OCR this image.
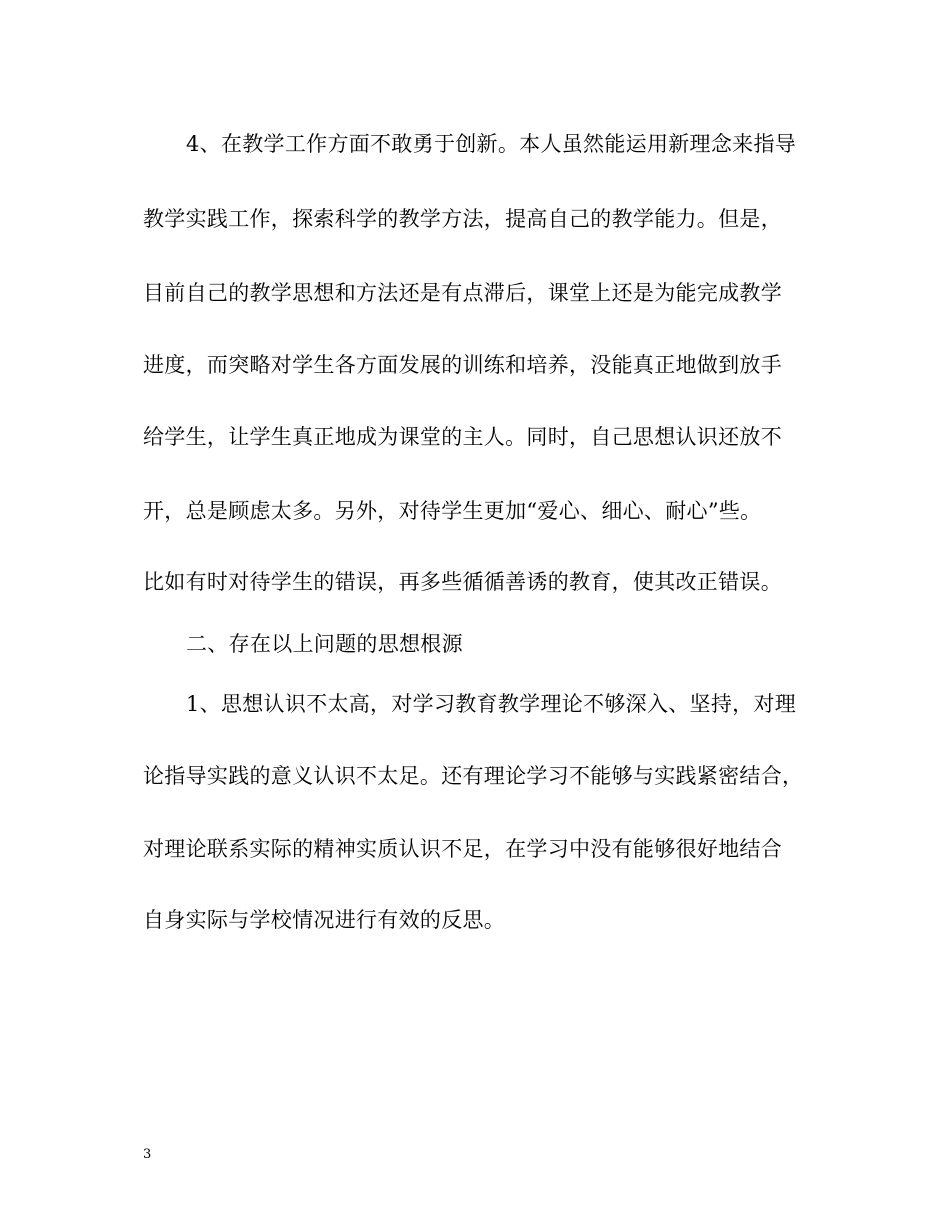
4、在教学工作方面不敢勇于创新。本人虽然能运用新理念来指导
教学实践工作，探索科学的教学方法，提高自己的教学能力。但是，
目前自己的教学思想和方法还是有点滞后，课堂上还是为能完成教学
进度，而突略对学生各方面发展的训练和培养，没能真正地做到放手
给学生，让学生真正地成为课堂的主人。同时，自己思想认识还放不
开，总是顾虑太多。另外，对待学生更加“爱心、细心、耐心”些。
比如有时对待学生的错误，再多些循循善诱的教育，使其改正错误。
二、存在以上问题的思想根源
1、思想认识不太高，对学习教育教学理论不够深入、坚持，对理
论指导实践的意义认识不太足。还有理论学习不能够与实践紧密结合，
对理论联系实际的精神实质认识不足，在学习中没有能够很好地结合
自身实际与学校情况进行有效的反思。
3
